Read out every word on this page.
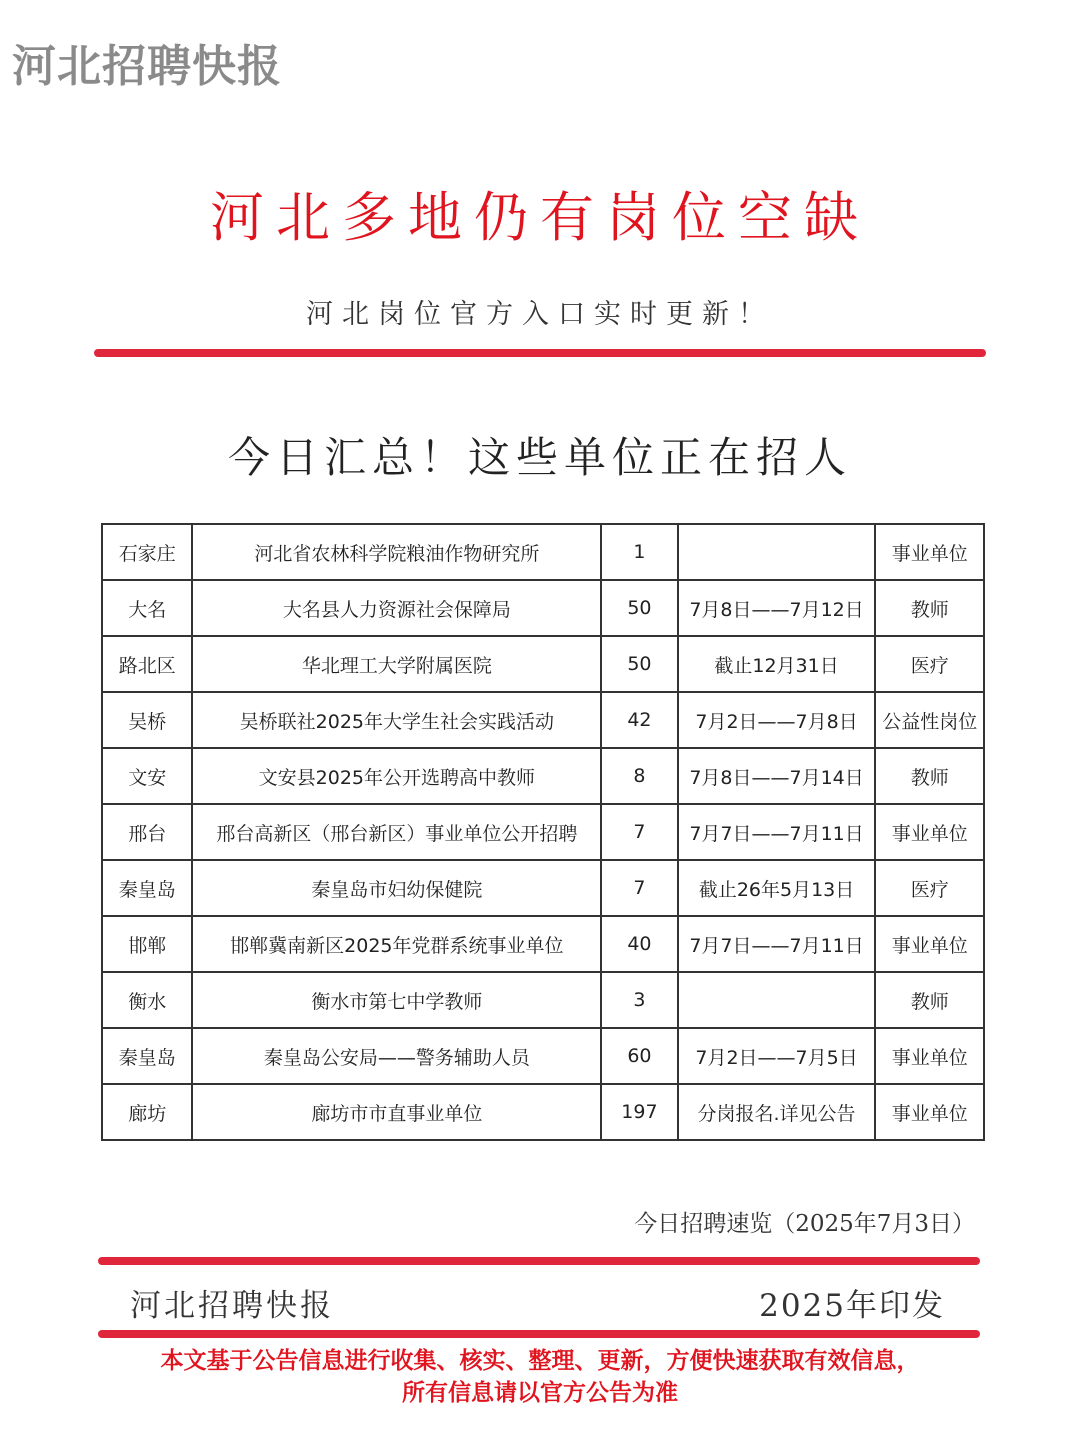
河北招聘快报
河北多地仍有岗位空缺
河北岗位官方入口实时更新！
今日汇总！这些单位正在招人
石家庄	河北省农林科学院粮油作物研究所	1		事业单位
大名	大名县人力资源社会保障局	50	7月8日——7月12日	教师
路北区	华北理工大学附属医院	50	截止12月31日	医疗
吴桥	吴桥联社2025年大学生社会实践活动	42	7月2日——7月8日	公益性岗位
文安	文安县2025年公开选聘高中教师	8	7月8日——7月14日	教师
邢台	邢台高新区（邢台新区）事业单位公开招聘	7	7月7日——7月11日	事业单位
秦皇岛	秦皇岛市妇幼保健院	7	截止26年5月13日	医疗
邯郸	邯郸冀南新区2025年党群系统事业单位	40	7月7日——7月11日	事业单位
衡水	衡水市第七中学教师	3		教师
秦皇岛	秦皇岛公安局——警务辅助人员	60	7月2日——7月5日	事业单位
廊坊	廊坊市市直事业单位	197	分岗报名.详见公告	事业单位
今日招聘速览（2025年7月3日）
河北招聘快报	2025年印发
本文基于公告信息进行收集、核实、整理、更新，方便快速获取有效信息，
所有信息请以官方公告为准
